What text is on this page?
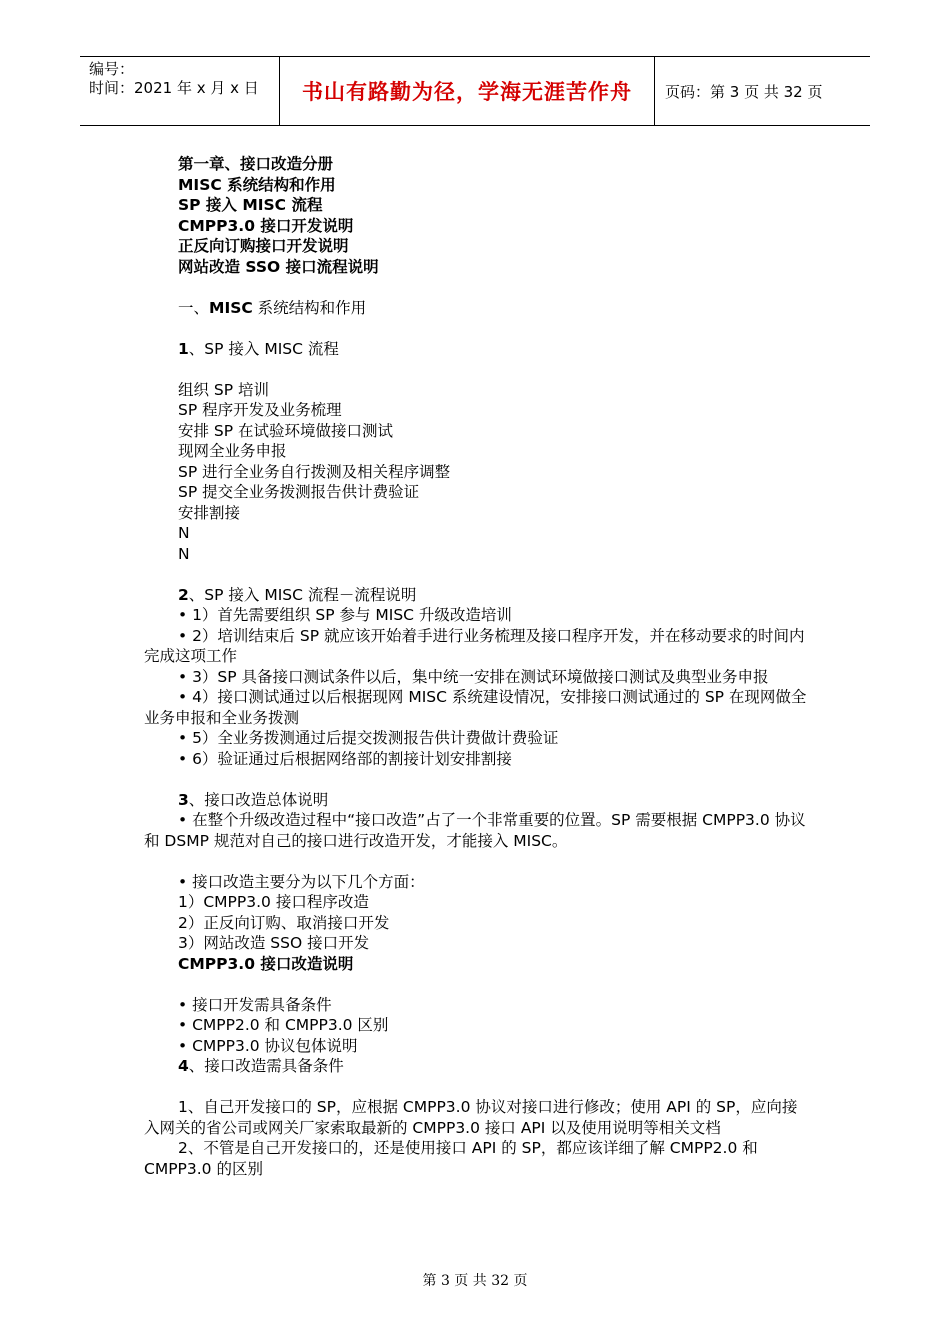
编号：
时间：2021 年 x 月 x 日	书山有路勤为径，学海无涯苦作舟	页码：第 3 页 共 32 页
第一章、接口改造分册
MISC 系统结构和作用
SP 接入 MISC 流程
CMPP3.0 接口开发说明
正反向订购接口开发说明
网站改造 SSO 接口流程说明
一、MISC 系统结构和作用
1、SP 接入 MISC 流程
组织 SP 培训
SP 程序开发及业务梳理
安排 SP 在试验环境做接口测试
现网全业务申报
SP 进行全业务自行拨测及相关程序调整
SP 提交全业务拨测报告供计费验证
安排割接
N
N
2、SP 接入 MISC 流程－流程说明
• 1）首先需要组织 SP 参与 MISC 升级改造培训
• 2）培训结束后 SP 就应该开始着手进行业务梳理及接口程序开发，并在移动要求的时间内完成这项工作
• 3）SP 具备接口测试条件以后，集中统一安排在测试环境做接口测试及典型业务申报
• 4）接口测试通过以后根据现网 MISC 系统建设情况，安排接口测试通过的 SP 在现网做全业务申报和全业务拨测
• 5）全业务拨测通过后提交拨测报告供计费做计费验证
• 6）验证通过后根据网络部的割接计划安排割接
3、接口改造总体说明
• 在整个升级改造过程中“接口改造”占了一个非常重要的位置。SP 需要根据 CMPP3.0 协议和 DSMP 规范对自己的接口进行改造开发，才能接入 MISC。
• 接口改造主要分为以下几个方面：
1）CMPP3.0 接口程序改造
2）正反向订购、取消接口开发
3）网站改造 SSO 接口开发
CMPP3.0 接口改造说明
• 接口开发需具备条件
• CMPP2.0 和 CMPP3.0 区别
• CMPP3.0 协议包体说明
4、接口改造需具备条件
1、自己开发接口的 SP，应根据 CMPP3.0 协议对接口进行修改；使用 API 的 SP，应向接入网关的省公司或网关厂家索取最新的 CMPP3.0 接口 API 以及使用说明等相关文档
2、不管是自己开发接口的，还是使用接口 API 的 SP，都应该详细了解 CMPP2.0 和 CMPP3.0 的区别
第 3 页 共 32 页
